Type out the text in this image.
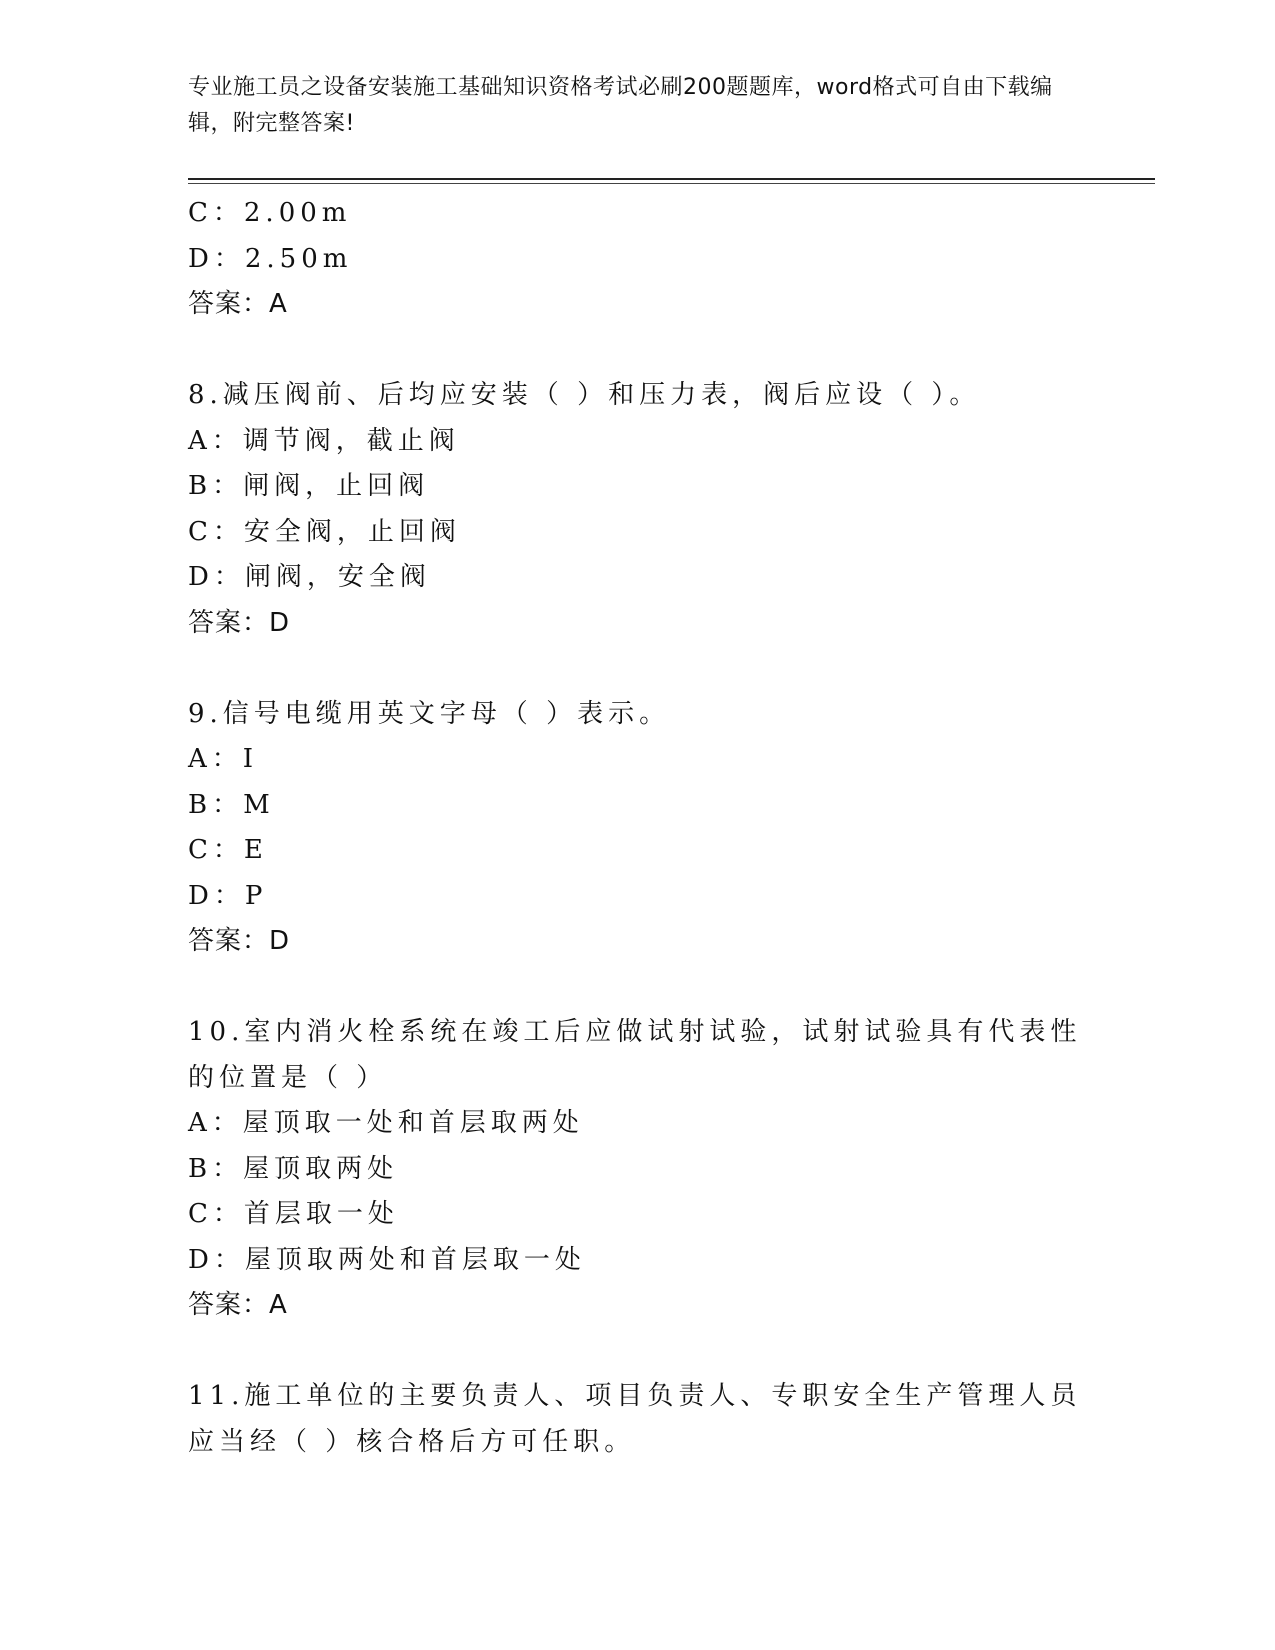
专业施工员之设备安装施工基础知识资格考试必刷200题题库，word格式可自由下载编辑，附完整答案!
C：2.00m
D：2.50m
答案：A
8.减压阀前、后均应安装（ ）和压力表，阀后应设（ ）。
A：调节阀，截止阀
B：闸阀，止回阀
C：安全阀，止回阀
D：闸阀，安全阀
答案：D
9.信号电缆用英文字母（ ）表示。
A：I
B：M
C：E
D：P
答案：D
10.室内消火栓系统在竣工后应做试射试验，试射试验具有代表性的位置是（ ）
A：屋顶取一处和首层取两处
B：屋顶取两处
C：首层取一处
D：屋顶取两处和首层取一处
答案：A
11.施工单位的主要负责人、项目负责人、专职安全生产管理人员应当经（ ）核合格后方可任职。
